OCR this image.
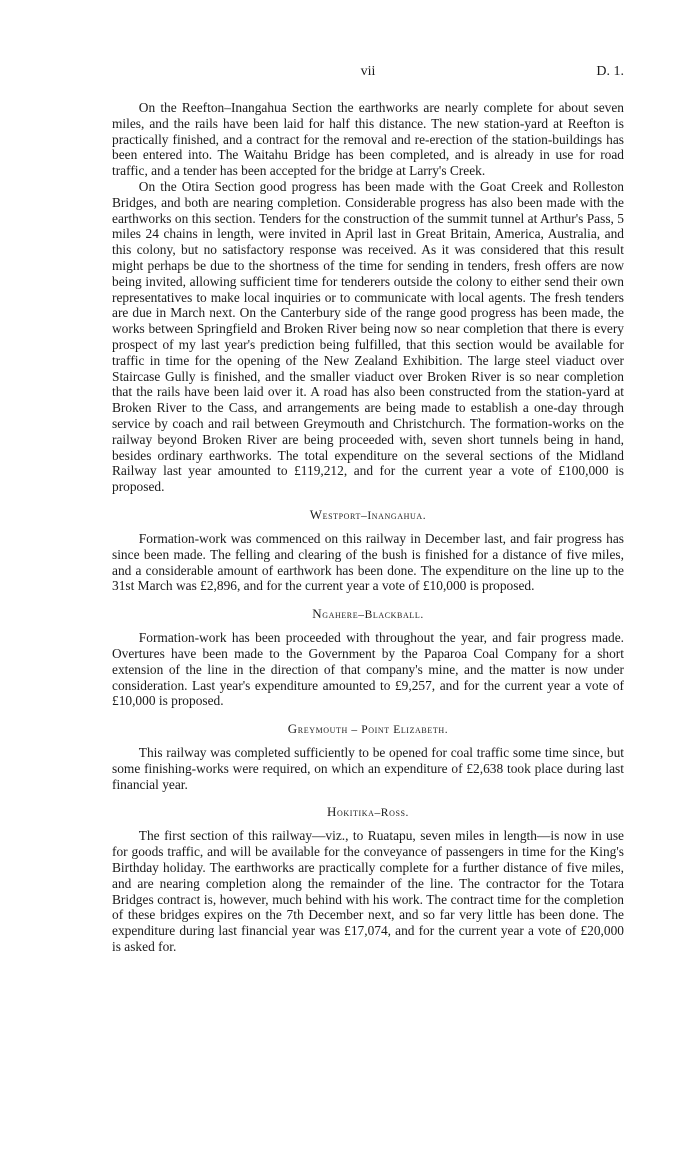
vii	D. 1.

On the Reefton–Inangahua Section the earthworks are nearly complete for about seven miles, and the rails have been laid for half this distance. The new station-yard at Reefton is practically finished, and a contract for the removal and re-erection of the station-buildings has been entered into. The Waitahu Bridge has been completed, and is already in use for road traffic, and a tender has been accepted for the bridge at Larry's Creek.

On the Otira Section good progress has been made with the Goat Creek and Rolleston Bridges, and both are nearing completion. Considerable progress has also been made with the earthworks on this section. Tenders for the construction of the summit tunnel at Arthur's Pass, 5 miles 24 chains in length, were invited in April last in Great Britain, America, Australia, and this colony, but no satisfactory response was received. As it was considered that this result might perhaps be due to the shortness of the time for sending in tenders, fresh offers are now being invited, allowing sufficient time for tenderers outside the colony to either send their own representatives to make local inquiries or to communicate with local agents. The fresh tenders are due in March next. On the Canterbury side of the range good progress has been made, the works between Springfield and Broken River being now so near completion that there is every prospect of my last year's prediction being fulfilled, that this section would be available for traffic in time for the opening of the New Zealand Exhibition. The large steel viaduct over Staircase Gully is finished, and the smaller viaduct over Broken River is so near completion that the rails have been laid over it. A road has also been constructed from the station-yard at Broken River to the Cass, and arrangements are being made to establish a one-day through service by coach and rail between Greymouth and Christchurch. The formation-works on the railway beyond Broken River are being proceeded with, seven short tunnels being in hand, besides ordinary earthworks. The total expenditure on the several sections of the Midland Railway last year amounted to £119,212, and for the current year a vote of £100,000 is proposed.

Westport–Inangahua.

Formation-work was commenced on this railway in December last, and fair progress has since been made. The felling and clearing of the bush is finished for a distance of five miles, and a considerable amount of earthwork has been done. The expenditure on the line up to the 31st March was £2,896, and for the current year a vote of £10,000 is proposed.

Ngahere–Blackball.

Formation-work has been proceeded with throughout the year, and fair progress made. Overtures have been made to the Government by the Paparoa Coal Company for a short extension of the line in the direction of that company's mine, and the matter is now under consideration. Last year's expenditure amounted to £9,257, and for the current year a vote of £10,000 is proposed.

Greymouth – Point Elizabeth.

This railway was completed sufficiently to be opened for coal traffic some time since, but some finishing-works were required, on which an expenditure of £2,638 took place during last financial year.

Hokitika–Ross.

The first section of this railway—viz., to Ruatapu, seven miles in length—is now in use for goods traffic, and will be available for the conveyance of passengers in time for the King's Birthday holiday. The earthworks are practically complete for a further distance of five miles, and are nearing completion along the remainder of the line. The contractor for the Totara Bridges contract is, however, much behind with his work. The contract time for the completion of these bridges expires on the 7th December next, and so far very little has been done. The expenditure during last financial year was £17,074, and for the current year a vote of £20,000 is asked for.
